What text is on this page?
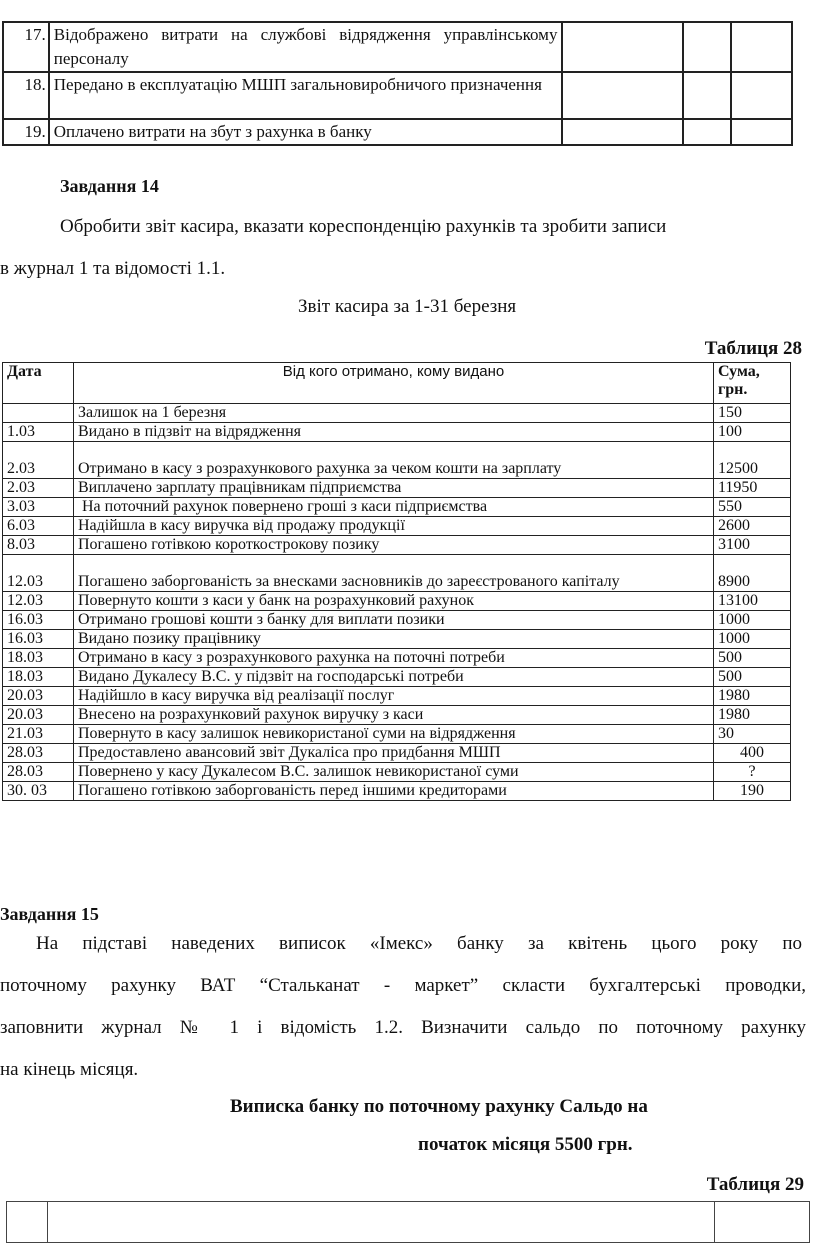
17.	Відображено витрати на службові відрядження управлінському персоналу			
18.	Передано в експлуатацію МШП загальновиробничого призначення			
19.	Оплачено витрати на збут з рахунка в банку			
Завдання 14
Обробити звіт касира, вказати кореспонденцію рахунків та зробити записи
в журнал 1 та відомості 1.1.
Звіт касира за 1-31 березня
Таблиця 28
Дата	Від кого отримано, кому видано	Сума, грн.
	Залишок на 1 березня	150
1.03	Видано в підзвіт на відрядження	100
2.03	Отримано в касу з розрахункового рахунка за чеком кошти на зарплату	12500
2.03	Виплачено зарплату працівникам підприємства	11950
3.03	На поточний рахунок повернено гроші з каси підприємства	550
6.03	Надійшла в касу виручка від продажу продукції	2600
8.03	Погашено готівкою короткострокову позику	3100
12.03	Погашено заборгованість за внесками засновників до зареєстрованого капіталу	8900
12.03	Повернуто кошти з каси у банк на розрахунковий рахунок	13100
16.03	Отримано грошові кошти з банку для виплати позики	1000
16.03	Видано позику працівнику	1000
18.03	Отримано в касу з розрахункового рахунка на поточні потреби	500
18.03	Видано Дукалесу В.С. у підзвіт на господарські потреби	500
20.03	Надійшло в касу виручка від реалізації послуг	1980
20.03	Внесено на розрахунковий рахунок виручку з каси	1980
21.03	Повернуто в касу залишок невикористаної суми на відрядження	30
28.03	Предоставлено авансовий звіт Дукаліса про придбання МШП	400
28.03	Повернено у касу Дукалесом В.С. залишок невикористаної суми	?
30. 03	Погашено готівкою заборгованість перед іншими кредиторами	190
Завдання 15
На підставі наведених виписок «Імекс» банку за квітень цього року по
поточному рахунку ВАТ “Стальканат - маркет” скласти бухгалтерські проводки,
заповнити журнал № 1 і відомість 1.2. Визначити сальдо по поточному рахунку
на кінець місяця.
Виписка банку по поточному рахунку Сальдо на
початок місяця 5500 грн.
Таблиця 29
